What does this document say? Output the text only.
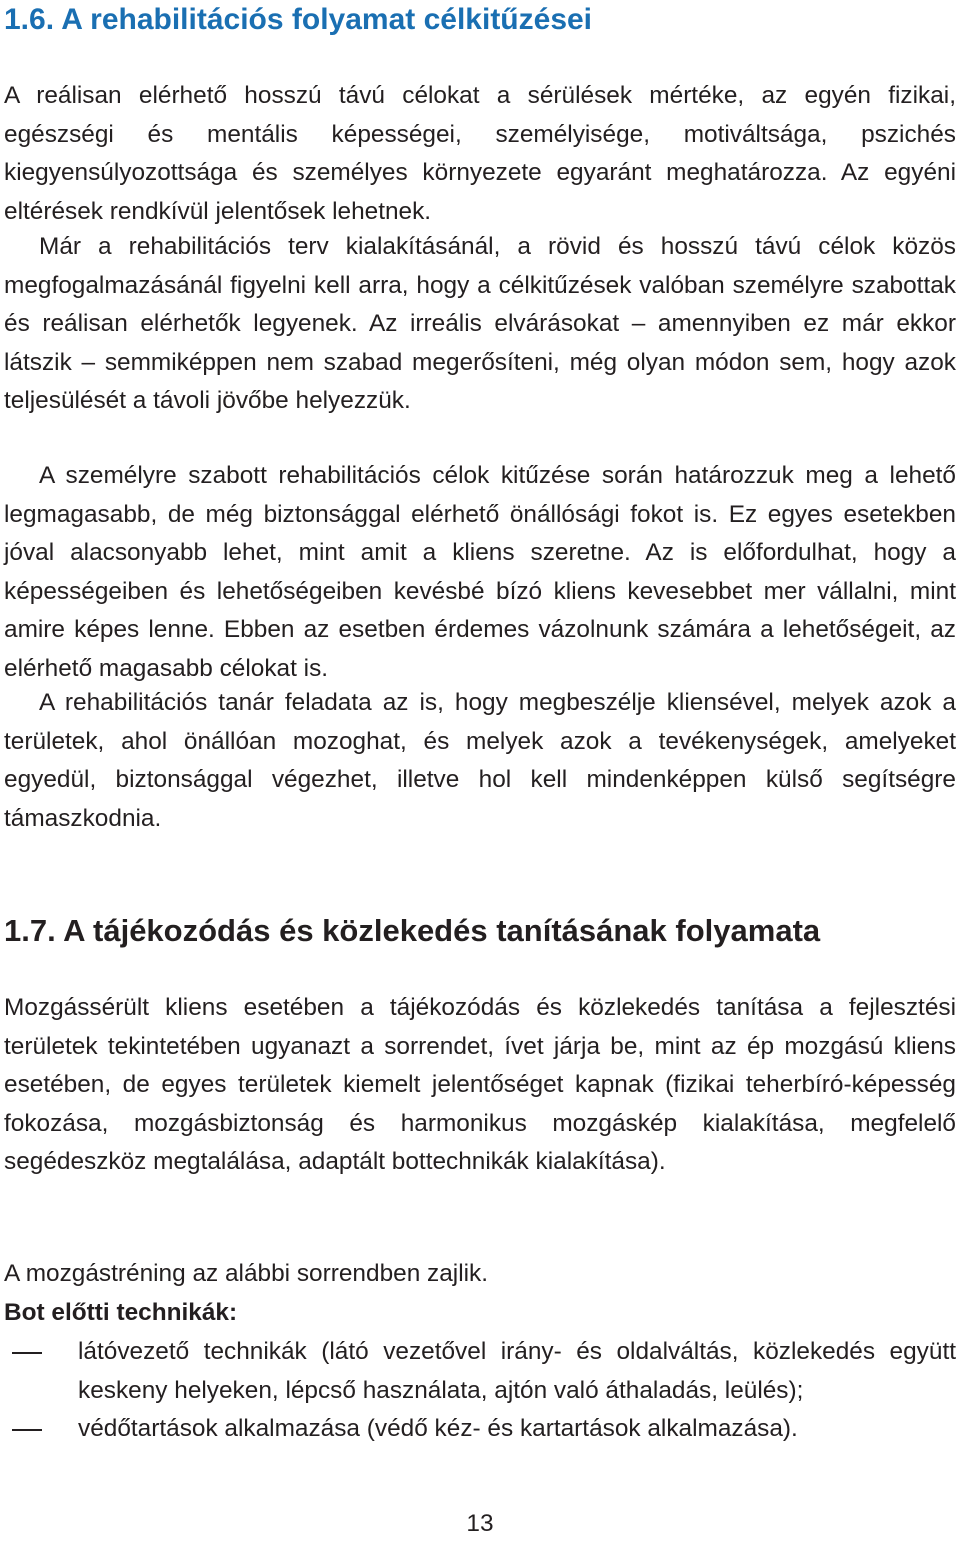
1.6. A rehabilitációs folyamat célkitűzései

A reálisan elérhető hosszú távú célokat a sérülések mértéke, az egyén fizikai, egészségi és mentális képességei, személyisége, motiváltsága, pszichés kiegyensúlyozottsága és személyes környezete egyaránt meghatározza. Az egyéni eltérések rendkívül jelentősek lehetnek.

Már a rehabilitációs terv kialakításánál, a rövid és hosszú távú célok közös megfogalmazásánál figyelni kell arra, hogy a célkitűzések valóban személyre szabottak és reálisan elérhetők legyenek. Az irreális elvárásokat – amennyiben ez már ekkor látszik – semmiképpen nem szabad megerősíteni, még olyan módon sem, hogy azok teljesülését a távoli jövőbe helyezzük.

A személyre szabott rehabilitációs célok kitűzése során határozzuk meg a lehető legmagasabb, de még biztonsággal elérhető önállósági fokot is. Ez egyes esetekben jóval alacsonyabb lehet, mint amit a kliens szeretne. Az is előfordulhat, hogy a képességeiben és lehetőségeiben kevésbé bízó kliens kevesebbet mer vállalni, mint amire képes lenne. Ebben az esetben érdemes vázolnunk számára a lehetőségeit, az elérhető magasabb célokat is.

A rehabilitációs tanár feladata az is, hogy megbeszélje kliensével, melyek azok a területek, ahol önállóan mozoghat, és melyek azok a tevékenységek, amelyeket egyedül, biztonsággal végezhet, illetve hol kell mindenképpen külső segítségre támaszkodnia.

1.7. A tájékozódás és közlekedés tanításának folyamata

Mozgássérült kliens esetében a tájékozódás és közlekedés tanítása a fejlesztési területek tekintetében ugyanazt a sorrendet, ívet járja be, mint az ép mozgású kliens esetében, de egyes területek kiemelt jelentőséget kapnak (fizikai teherbíró-képesség fokozása, mozgásbiztonság és harmonikus mozgáskép kialakítása, megfelelő segédeszköz megtalálása, adaptált bottechnikák kialakítása).

A mozgástréning az alábbi sorrendben zajlik.

Bot előtti technikák:

látóvezető technikák (látó vezetővel irány- és oldalváltás, közlekedés együtt keskeny helyeken, lépcső használata, ajtón való áthaladás, leülés);
védőtartások alkalmazása (védő kéz- és kartartások alkalmazása).
13
